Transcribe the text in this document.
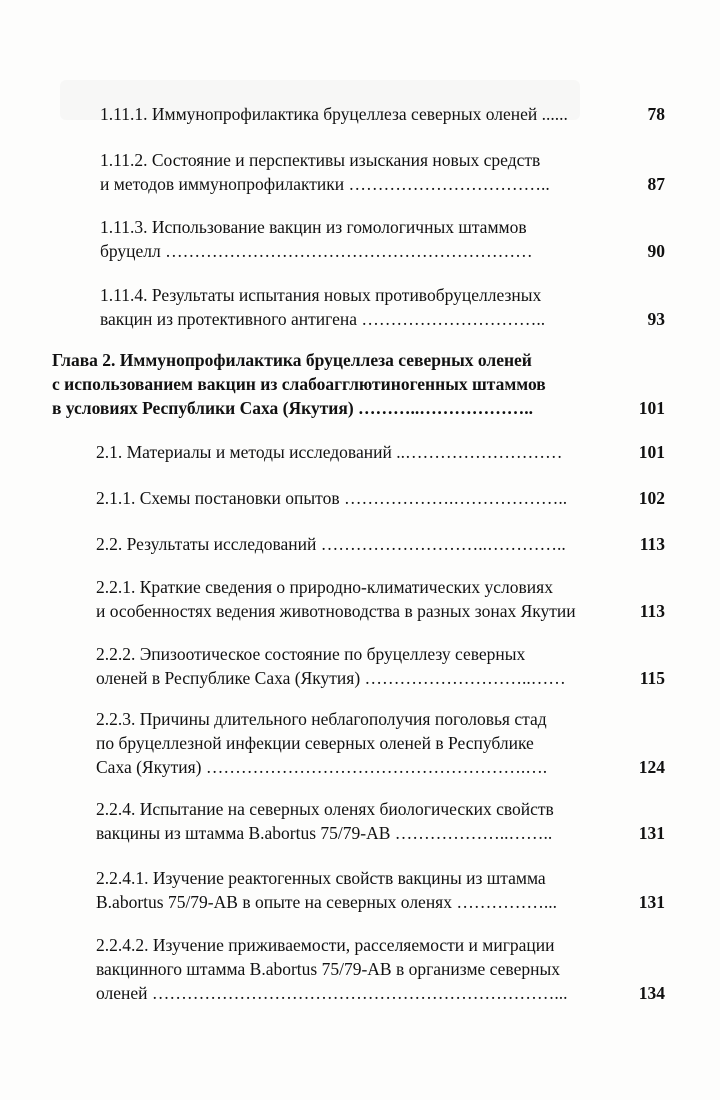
1.11.1. Иммунопрофилактика бруцеллеза северных оленей ......	78
1.11.2. Состояние и перспективы изыскания новых средств
и методов иммунопрофилактики ……………………………..	87
1.11.3. Использование вакцин из гомологичных штаммов
бруцелл ………………………………………………………	90
1.11.4. Результаты испытания новых противобруцеллезных
вакцин из протективного антигена …………………………..	93
Глава 2. Иммунопрофилактика бруцеллеза северных оленей
с использованием вакцин из слабоагглютиногенных штаммов
в условиях Республики Саха (Якутия) ………..………………..	101
2.1. Материалы и методы исследований ..………………………	101
2.1.1. Схемы постановки опытов ……………….………………..	102
2.2. Результаты исследований ………………………..…………..	113
2.2.1. Краткие сведения о природно-климатических условиях
и особенностях ведения животноводства в разных зонах Якутии	113
2.2.2. Эпизоотическое состояние по бруцеллезу северных
оленей в Республике Саха (Якутия) ………………………..……	115
2.2.3. Причины длительного неблагополучия поголовья стад
по бруцеллезной инфекции северных оленей в Республике
Саха (Якутия) ……………………………………………….….	124
2.2.4. Испытание на северных оленях биологических свойств
вакцины из штамма B.abortus 75/79-AB ………………..……..	131
2.2.4.1. Изучение реактогенных свойств вакцины из штамма
B.abortus 75/79-AB в опыте на северных оленях ……………...	131
2.2.4.2. Изучение приживаемости, расселяемости и миграции
вакцинного штамма B.abortus 75/79-AB в организме северных
оленей ……………………………………………………………...	134
